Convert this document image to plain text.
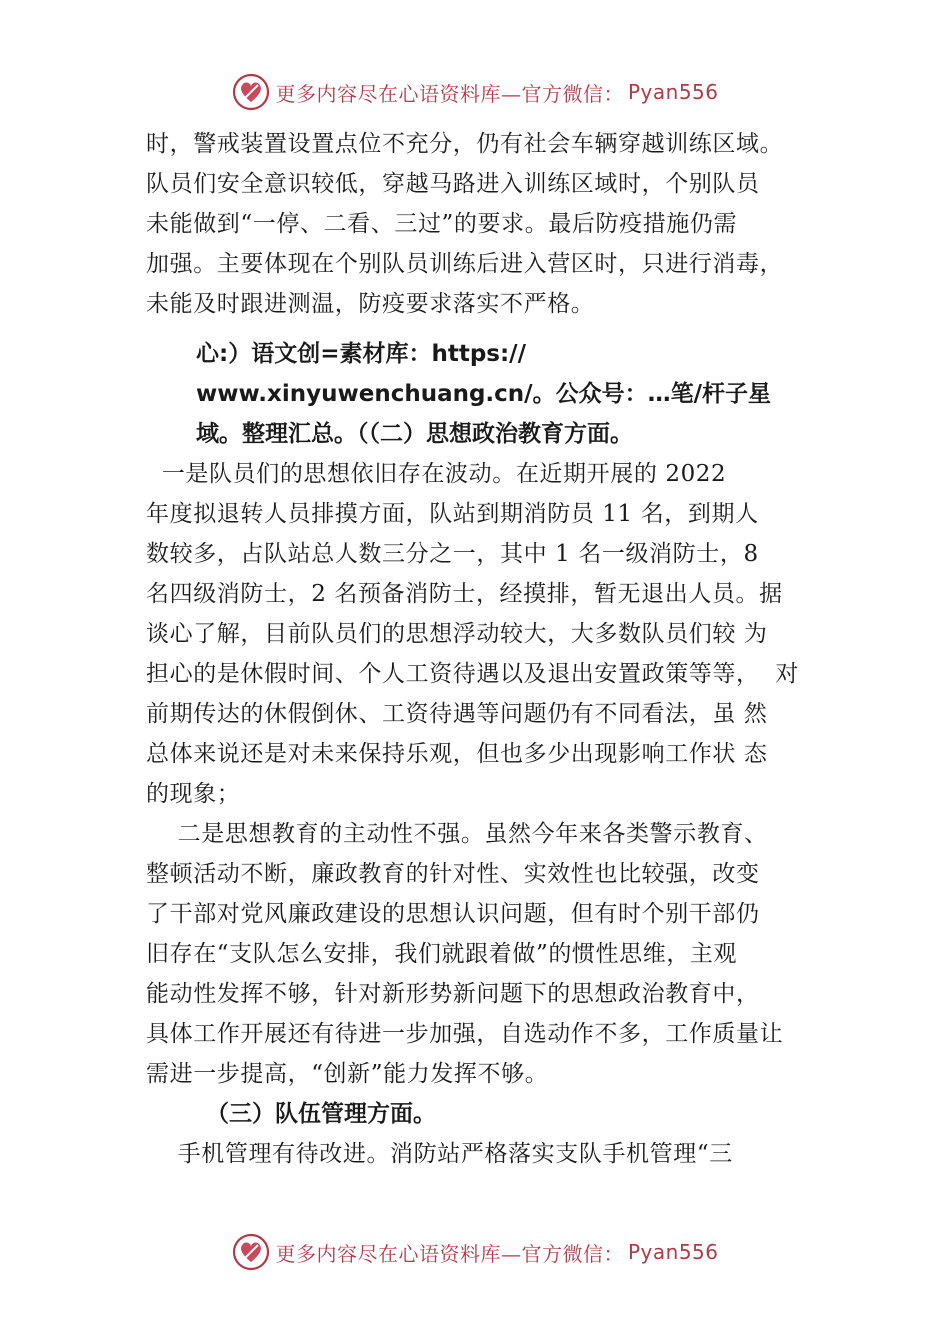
更多内容尽在心语资料库—官方微信： Pyan556

时，警戒装置设置点位不充分，仍有社会车辆穿越训练区域。
队员们安全意识较低，穿越马路进入训练区域时，个别队员
未能做到“一停、二看、三过”的要求。最后防疫措施仍需
加强。主要体现在个别队员训练后进入营区时，只进行消毒，
未能及时跟进测温，防疫要求落实不严格。

心:）语文创=素材库：https://
www.xinyuwenchuang.cn/。公众号：…笔/杆子星
域。整理汇总。（（二）思想政治教育方面。

一是队员们的思想依旧存在波动。在近期开展的 2022
年度拟退转人员排摸方面，队站到期消防员 11 名，到期人
数较多，占队站总人数三分之一，其中 1 名一级消防士，8
名四级消防士，2 名预备消防士，经摸排，暂无退出人员。据
谈心了解，目前队员们的思想浮动较大，大多数队员们较 为
担心的是休假时间、个人工资待遇以及退出安置政策等等，  对
前期传达的休假倒休、工资待遇等问题仍有不同看法，虽 然
总体来说还是对未来保持乐观，但也多少出现影响工作状 态
的现象；

二是思想教育的主动性不强。虽然今年来各类警示教育、
整顿活动不断，廉政教育的针对性、实效性也比较强，改变
了干部对党风廉政建设的思想认识问题，但有时个别干部仍
旧存在“支队怎么安排，我们就跟着做”的惯性思维，主观
能动性发挥不够，针对新形势新问题下的思想政治教育中，
具体工作开展还有待进一步加强，自选动作不多，工作质量让
需进一步提高，“创新”能力发挥不够。

（三）队伍管理方面。

手机管理有待改进。消防站严格落实支队手机管理“三

更多内容尽在心语资料库—官方微信： Pyan556
